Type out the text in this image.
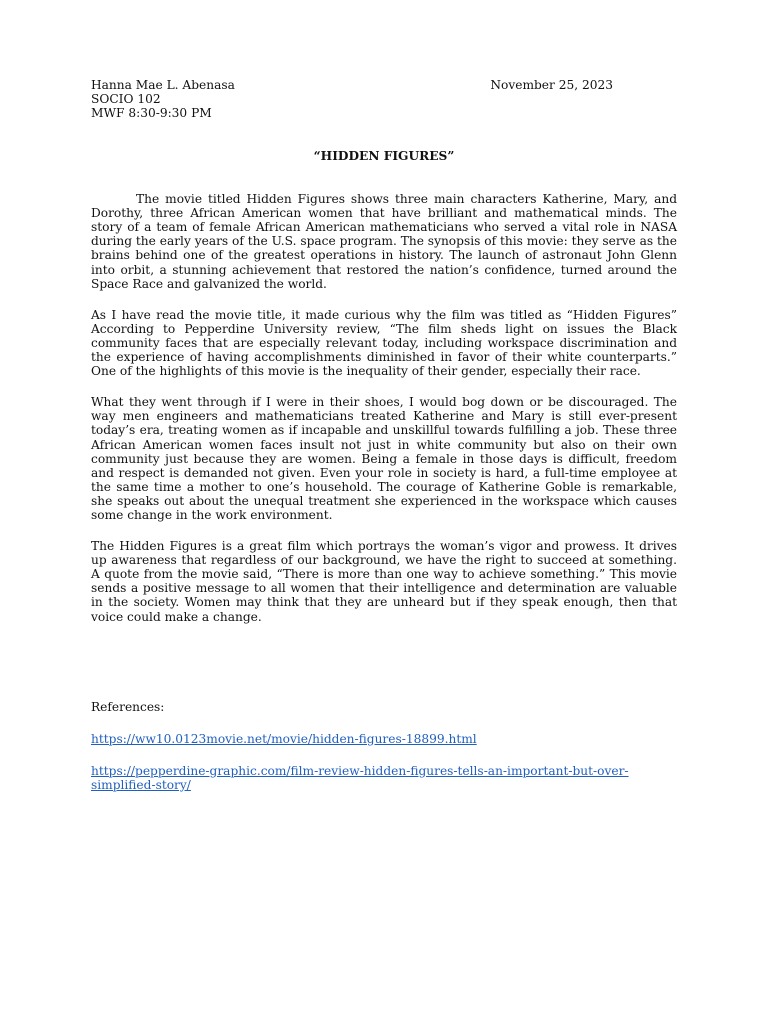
Hanna Mae L. Abenasa
SOCIO 102
MWF 8:30-9:30 PM
November 25, 2023
“HIDDEN FIGURES”

The movie titled Hidden Figures shows three main characters Katherine, Mary, and Dorothy, three African American women that have brilliant and mathematical minds. The story of a team of female African American mathematicians who served a vital role in NASA during the early years of the U.S. space program. The synopsis of this movie: they serve as the brains behind one of the greatest operations in history. The launch of astronaut John Glenn into orbit, a stunning achievement that restored the nation’s confidence, turned around the Space Race and galvanized the world.

As I have read the movie title, it made curious why the film was titled as “Hidden Figures” According to Pepperdine University review, “The film sheds light on issues the Black community faces that are especially relevant today, including workspace discrimination and the experience of having accomplishments diminished in favor of their white counterparts.” One of the highlights of this movie is the inequality of their gender, especially their race.

What they went through if I were in their shoes, I would bog down or be discouraged. The way men engineers and mathematicians treated Katherine and Mary is still ever-present today’s era, treating women as if incapable and unskillful towards fulfilling a job. These three African American women faces insult not just in white community but also on their own community just because they are women. Being a female in those days is difficult, freedom and respect is demanded not given. Even your role in society is hard, a full-time employee at the same time a mother to one’s household. The courage of Katherine Goble is remarkable, she speaks out about the unequal treatment she experienced in the workspace which causes some change in the work environment.

The Hidden Figures is a great film which portrays the woman’s vigor and prowess. It drives up awareness that regardless of our background, we have the right to succeed at something. A quote from the movie said, “There is more than one way to achieve something.” This movie sends a positive message to all women that their intelligence and determination are valuable in the society. Women may think that they are unheard but if they speak enough, then that voice could make a change.

References:
https://ww10.0123movie.net/movie/hidden-figures-18899.html
https://pepperdine-graphic.com/film-review-hidden-figures-tells-an-important-but-over-simplified-story/
